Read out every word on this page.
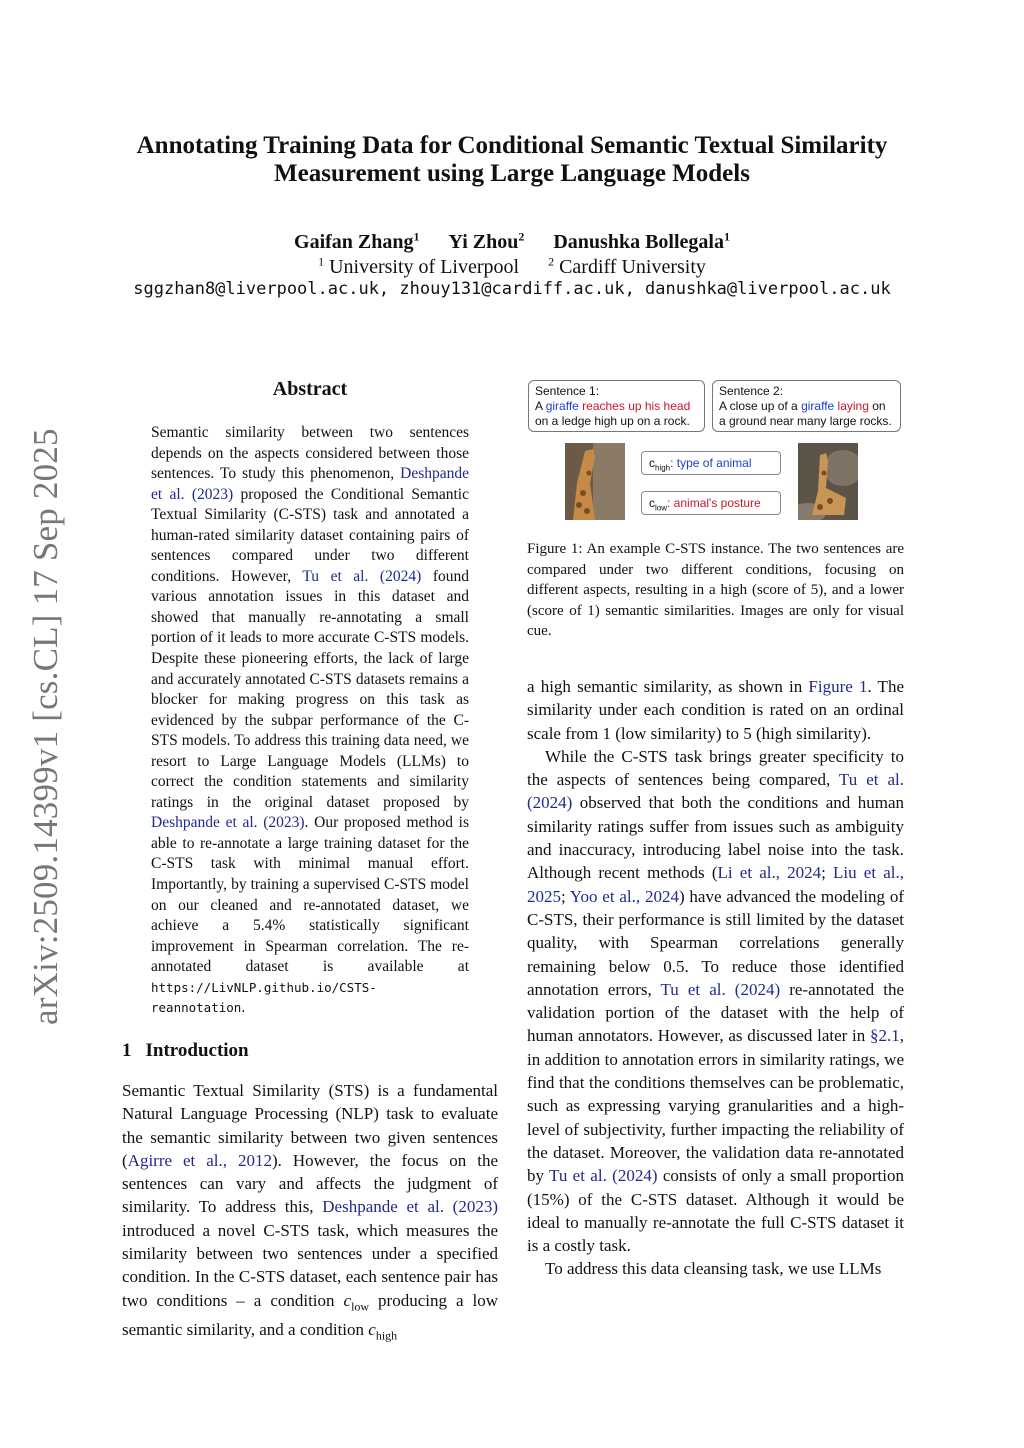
arXiv:2509.14399v1 [cs.CL] 17 Sep 2025
Annotating Training Data for Conditional Semantic Textual Similarity
Measurement using Large Language Models
Gaifan Zhang$^1$ Yi Zhou$^2$ Danushka Bollegala$^1$
$^1$ University of Liverpool $^2$ Cardiff University
sggzhan8@liverpool.ac.uk, zhouy131@cardiff.ac.uk, danushka@liverpool.ac.uk
Abstract
Semantic similarity between two sentences depends on the aspects considered between those sentences. To study this phenomenon, Deshpande et al. (2023) proposed the Conditional Semantic Textual Similarity (C-STS) task and annotated a human-rated similarity dataset containing pairs of sentences compared under two different conditions. However, Tu et al. (2024) found various annotation issues in this dataset and showed that manually re-annotating a small portion of it leads to more accurate C-STS models. Despite these pioneering efforts, the lack of large and accurately annotated C-STS datasets remains a blocker for making progress on this task as evidenced by the subpar performance of the C-STS models. To address this training data need, we resort to Large Language Models (LLMs) to correct the condition statements and similarity ratings in the original dataset proposed by Deshpande et al. (2023). Our proposed method is able to re-annotate a large training dataset for the C-STS task with minimal manual effort. Importantly, by training a supervised C-STS model on our cleaned and re-annotated dataset, we achieve a 5.4% statistically significant improvement in Spearman correlation. The re-annotated dataset is available at https://LivNLP.github.io/CSTS-reannotation.
1 Introduction
Semantic Textual Similarity (STS) is a fundamental Natural Language Processing (NLP) task to evaluate the semantic similarity between two given sentences (Agirre et al., 2012). However, the focus on the sentences can vary and affects the judgment of similarity. To address this, Deshpande et al. (2023) introduced a novel C-STS task, which measures the similarity between two sentences under a specified condition. In the C-STS dataset, each sentence pair has two conditions – a condition $c_{low}$ producing a low semantic similarity, and a condition $c_{high}$
Sentence 1:
A giraffe reaches up his head
on a ledge high up on a rock.
Sentence 2:
A close up of a giraffe laying on
a ground near many large rocks.
$c_{high}$: type of animal
$c_{low}$: animal's posture
Figure 1: An example C-STS instance. The two sentences are compared under two different conditions, focusing on different aspects, resulting in a high (score of 5), and a lower (score of 1) semantic similarities. Images are only for visual cue.

a high semantic similarity, as shown in Figure 1. The similarity under each condition is rated on an ordinal scale from 1 (low similarity) to 5 (high similarity).

While the C-STS task brings greater specificity to the aspects of sentences being compared, Tu et al. (2024) observed that both the conditions and human similarity ratings suffer from issues such as ambiguity and inaccuracy, introducing label noise into the task. Although recent methods (Li et al., 2024; Liu et al., 2025; Yoo et al., 2024) have advanced the modeling of C-STS, their performance is still limited by the dataset quality, with Spearman correlations generally remaining below 0.5. To reduce those identified annotation errors, Tu et al. (2024) re-annotated the validation portion of the dataset with the help of human annotators. However, as discussed later in §2.1, in addition to annotation errors in similarity ratings, we find that the conditions themselves can be problematic, such as expressing varying granularities and a high-level of subjectivity, further impacting the reliability of the dataset. Moreover, the validation data re-annotated by Tu et al. (2024) consists of only a small proportion (15%) of the C-STS dataset. Although it would be ideal to manually re-annotate the full C-STS dataset it is a costly task.

To address this data cleansing task, we use LLMs
